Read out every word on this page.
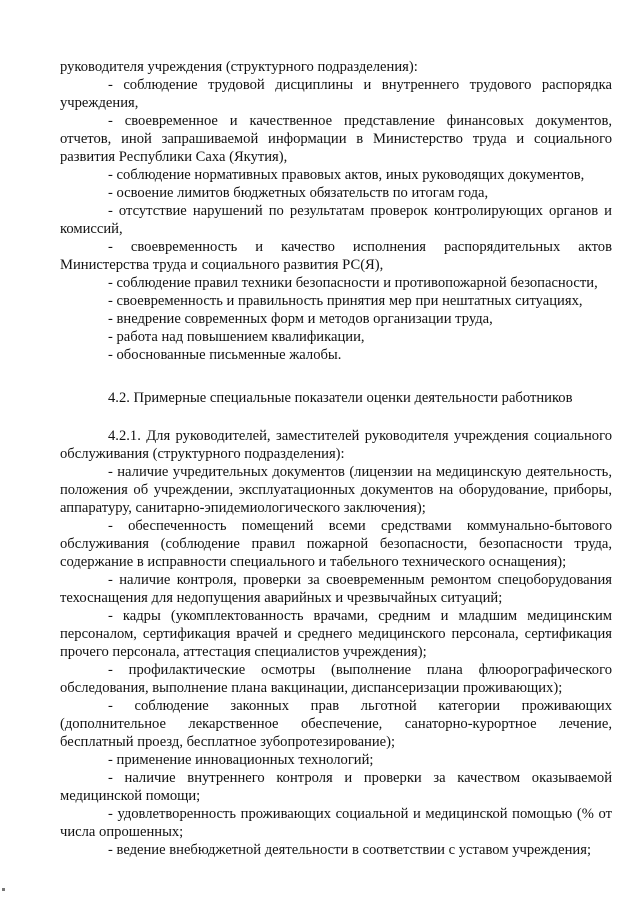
руководителя учреждения (структурного подразделения):

- соблюдение трудовой дисциплины и внутреннего трудового распорядка учреждения,

- своевременное и качественное представление финансовых документов, отчетов, иной запрашиваемой информации в Министерство труда и социального развития Республики Саха (Якутия),

- соблюдение нормативных правовых актов, иных руководящих документов,

- освоение лимитов бюджетных обязательств по итогам года,

- отсутствие нарушений по результатам проверок контролирующих органов и комиссий,

- своевременность и качество исполнения распорядительных актов Министерства труда и социального развития РС(Я),

- соблюдение правил техники безопасности и противопожарной безопасности,

- своевременность и правильность принятия мер при нештатных ситуациях,

- внедрение современных форм и методов организации труда,

- работа над повышением квалификации,

- обоснованные письменные жалобы.

4.2. Примерные специальные показатели оценки деятельности работников

4.2.1. Для руководителей, заместителей руководителя учреждения социального обслуживания (структурного подразделения):

- наличие учредительных документов (лицензии на медицинскую деятельность, положения об учреждении, эксплуатационных документов на оборудование, приборы, аппаратуру, санитарно-эпидемиологического заключения);

- обеспеченность помещений всеми средствами коммунально-бытового обслуживания (соблюдение правил пожарной безопасности, безопасности труда, содержание в исправности специального и табельного технического оснащения);

- наличие контроля, проверки за своевременным ремонтом спецоборудования техоснащения для недопущения аварийных и чрезвычайных ситуаций;

- кадры (укомплектованность врачами, средним и младшим медицинским персоналом, сертификация врачей и среднего медицинского персонала, сертификация прочего персонала, аттестация специалистов учреждения);

- профилактические осмотры (выполнение плана флюорографического обследования, выполнение плана вакцинации, диспансеризации проживающих);

- соблюдение законных прав льготной категории проживающих (дополнительное лекарственное обеспечение, санаторно-курортное лечение, бесплатный проезд, бесплатное зубопротезирование);

- применение инновационных технологий;

- наличие внутреннего контроля и проверки за качеством оказываемой медицинской помощи;

- удовлетворенность проживающих социальной и медицинской помощью (% от числа опрошенных;

- ведение внебюджетной деятельности в соответствии с уставом учреждения;
